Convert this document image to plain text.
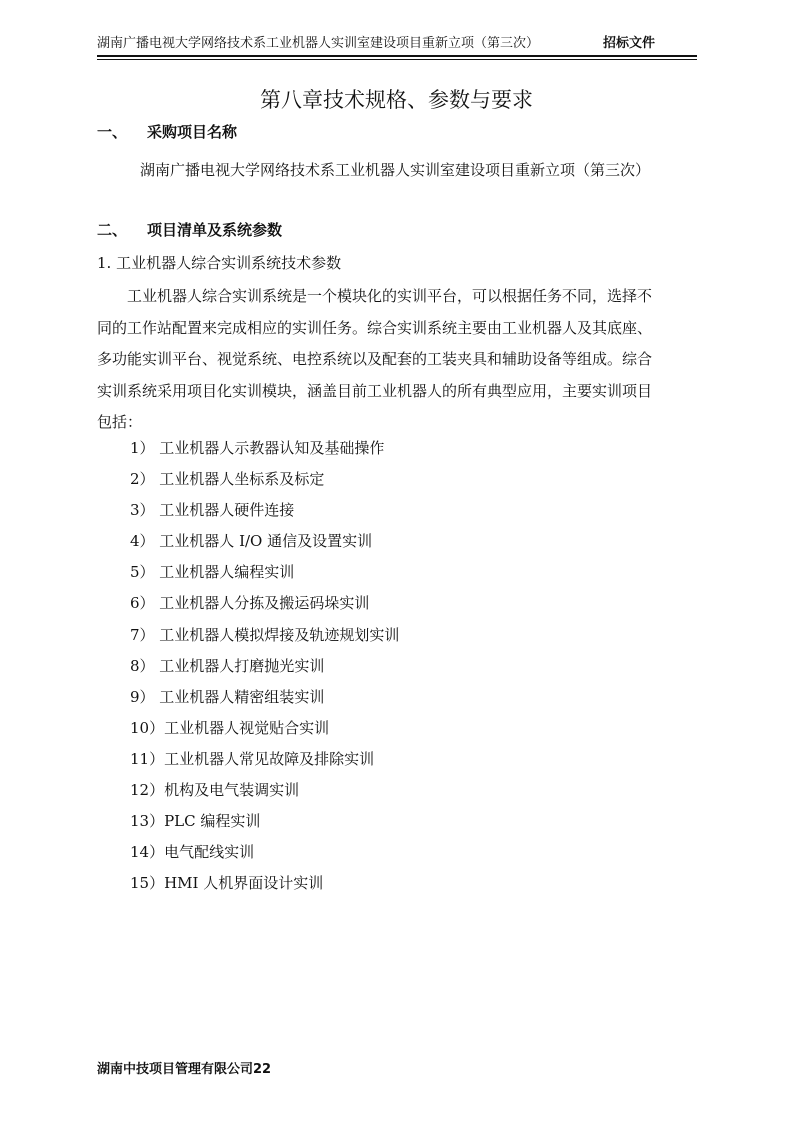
湖南广播电视大学网络技术系工业机器人实训室建设项目重新立项（第三次）	招标文件
第八章技术规格、参数与要求
一、 采购项目名称
湖南广播电视大学网络技术系工业机器人实训室建设项目重新立项（第三次）
二、 项目清单及系统参数
1. 工业机器人综合实训系统技术参数
工业机器人综合实训系统是一个模块化的实训平台，可以根据任务不同，选择不
同的工作站配置来完成相应的实训任务。综合实训系统主要由工业机器人及其底座、
多功能实训平台、视觉系统、电控系统以及配套的工装夹具和辅助设备等组成。综合
实训系统采用项目化实训模块，涵盖目前工业机器人的所有典型应用，主要实训项目
包括：
1） 工业机器人示教器认知及基础操作
2） 工业机器人坐标系及标定
3） 工业机器人硬件连接
4） 工业机器人 I/O 通信及设置实训
5） 工业机器人编程实训
6） 工业机器人分拣及搬运码垛实训
7） 工业机器人模拟焊接及轨迹规划实训
8） 工业机器人打磨抛光实训
9） 工业机器人精密组装实训
10）工业机器人视觉贴合实训
11）工业机器人常见故障及排除实训
12）机构及电气装调实训
13）PLC 编程实训
14）电气配线实训
15）HMI 人机界面设计实训
湖南中技项目管理有限公司22
